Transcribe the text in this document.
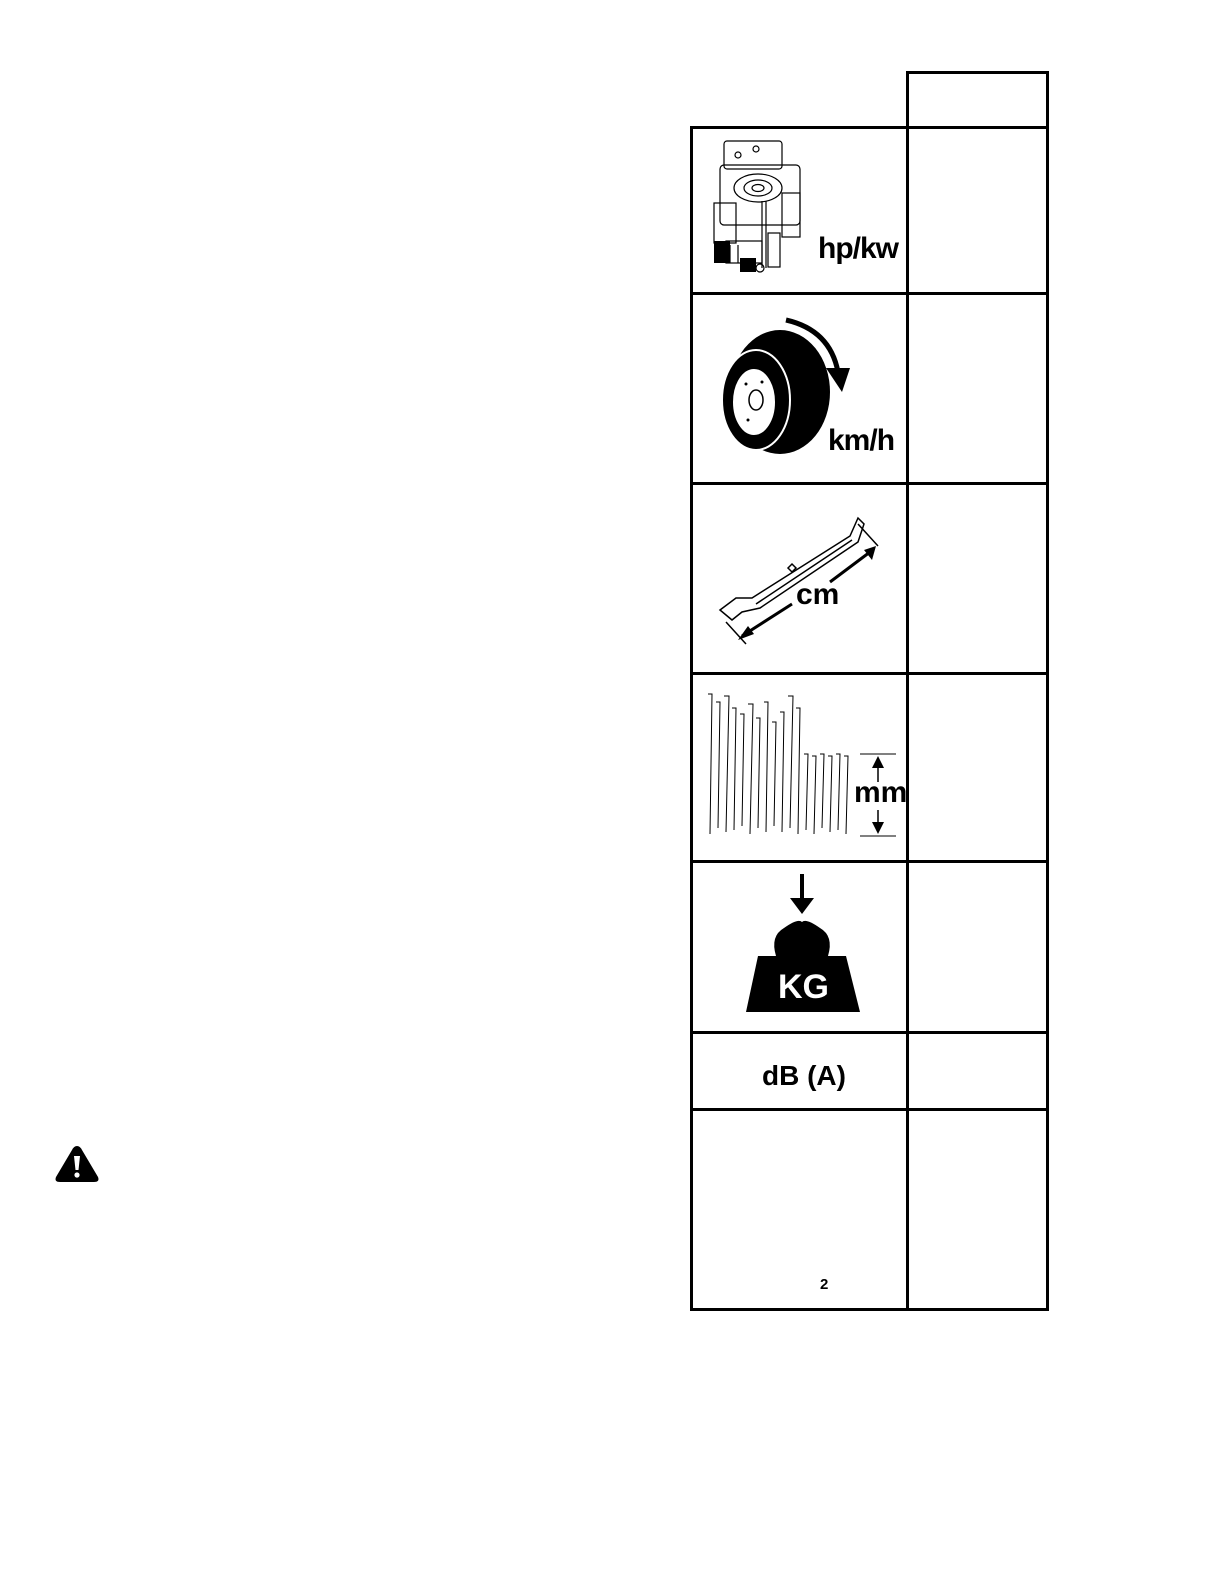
hp/kw
km/h
cm
mm
KG
dB (A)
2
